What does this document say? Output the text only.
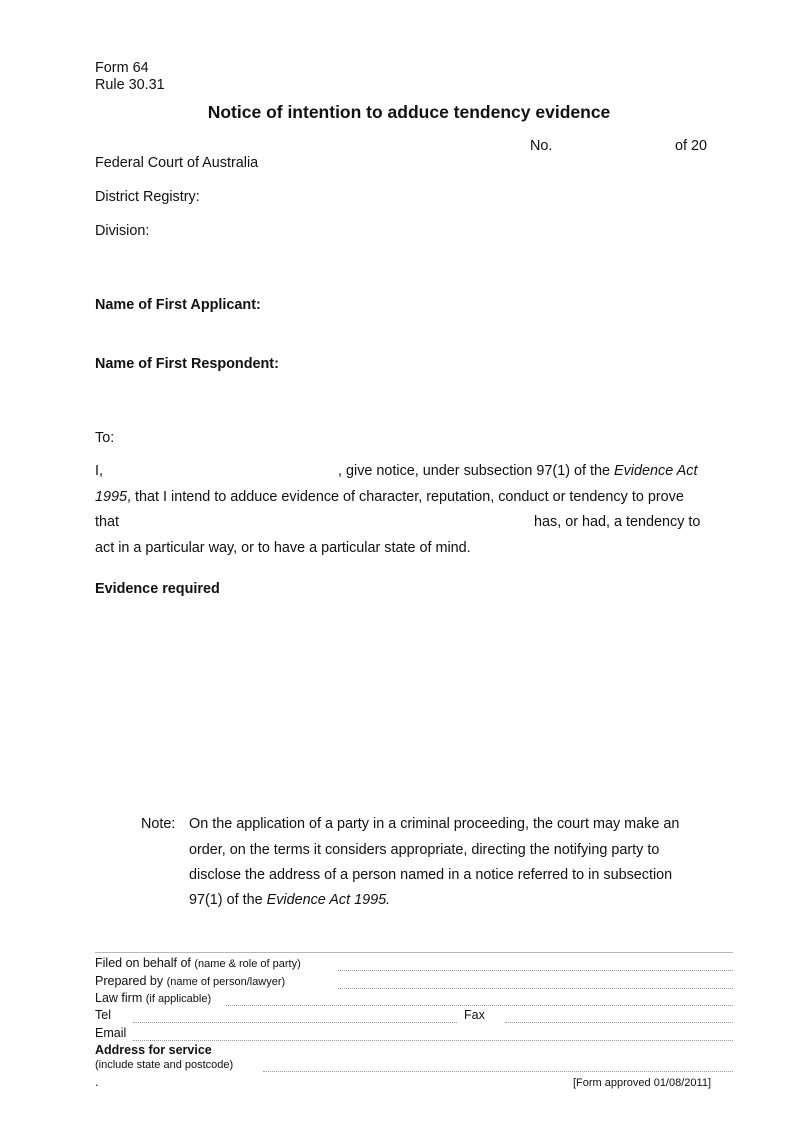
Form 64
Rule 30.31
Notice of intention to adduce tendency evidence
No.	of 20
Federal Court of Australia
District Registry:
Division:
Name of First Applicant:
Name of First Respondent:
To:
I,	, give notice, under subsection 97(1) of the Evidence Act
1995, that I intend to adduce evidence of character, reputation, conduct or tendency to prove
that	has, or had, a tendency to
act in a particular way, or to have a particular state of mind.
Evidence required
Note: On the application of a party in a criminal proceeding, the court may make an
order, on the terms it considers appropriate, directing the notifying party to
disclose the address of a person named in a notice referred to in subsection
97(1) of the Evidence Act 1995.
Filed on behalf of (name & role of party)
Prepared by (name of person/lawyer)
Law firm (if applicable)
Tel	Fax
Email
Address for service
(include state and postcode)
.	[Form approved 01/08/2011]
